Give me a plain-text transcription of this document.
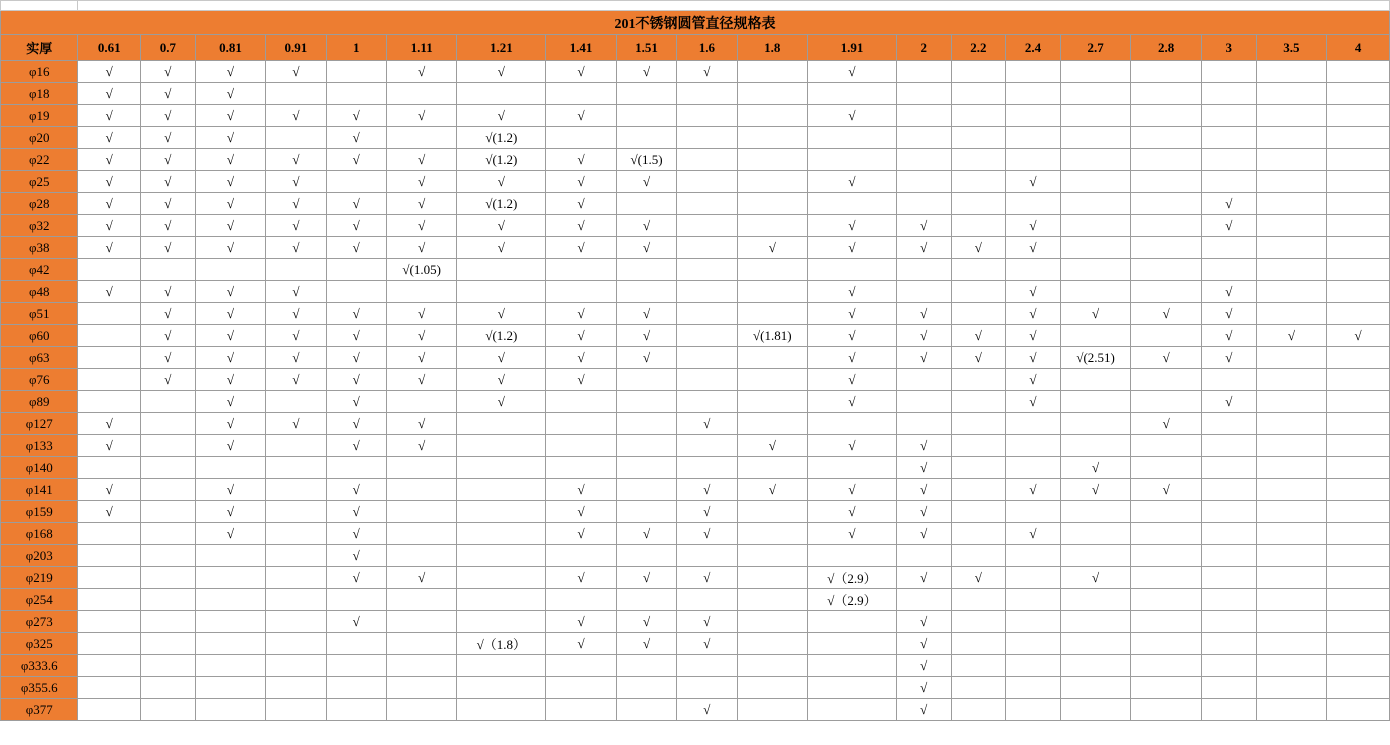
201不锈钢圆管直径规格表																				
实厚	0.61	0.7	0.81	0.91	1	1.11	1.21	1.41	1.51	1.6	1.8	1.91	2	2.2	2.4	2.7	2.8	3	3.5	4
φ16	√	√	√	√		√	√	√	√	√		√								
φ18	√	√	√																	
φ19	√	√	√	√	√	√	√	√				√								
φ20	√	√	√		√		√(1.2)													
φ22	√	√	√	√	√	√	√(1.2)	√	√(1.5)											
φ25	√	√	√	√		√	√	√	√			√			√					
φ28	√	√	√	√	√	√	√(1.2)	√										√		
φ32	√	√	√	√	√	√	√	√	√			√	√		√			√		
φ38	√	√	√	√	√	√	√	√	√		√	√	√	√	√					
φ42						√(1.05)														
φ48	√	√	√	√								√			√			√		
φ51		√	√	√	√	√	√	√	√			√	√		√	√	√	√		
φ60		√	√	√	√	√	√(1.2)	√	√		√(1.81)	√	√	√	√			√	√	√
φ63		√	√	√	√	√	√	√	√			√	√	√	√	√(2.51)	√	√		
φ76		√	√	√	√	√	√	√				√			√					
φ89			√		√		√					√			√			√		
φ127	√		√	√	√	√				√							√			
φ133	√		√		√	√					√	√	√							
φ140													√			√				
φ141	√		√		√			√		√	√	√	√		√	√	√			
φ159	√		√		√			√		√		√	√							
φ168			√		√			√	√	√		√	√		√					
φ203					√															
φ219					√	√		√	√	√		√（2.9）	√	√		√				
φ254												√（2.9）								
φ273					√			√	√	√			√							
φ325							√（1.8）	√	√	√			√							
φ333.6													√							
φ355.6													√							
φ377										√			√							
